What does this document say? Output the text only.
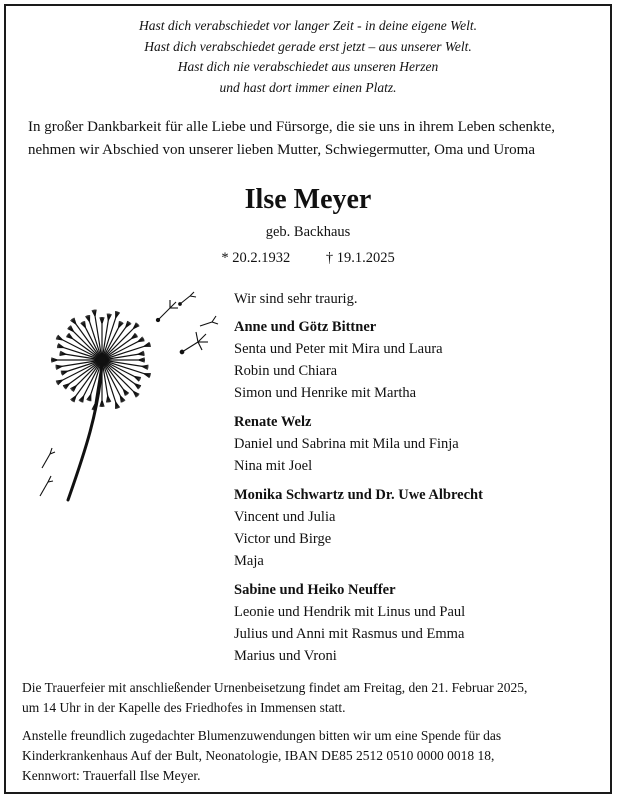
Hast dich verabschiedet vor langer Zeit - in deine eigene Welt.
Hast dich verabschiedet gerade erst jetzt – aus unserer Welt.
Hast dich nie verabschiedet aus unseren Herzen
und hast dort immer einen Platz.
In großer Dankbarkeit für alle Liebe und Fürsorge, die sie uns in ihrem Leben schenkte,
nehmen wir Abschied von unserer lieben Mutter, Schwiegermutter, Oma und Uroma
Ilse Meyer
geb. Backhaus
* 20.2.1932 † 19.1.2025
Wir sind sehr traurig.
Anne und Götz Bittner
Senta und Peter mit Mira und Laura
Robin und Chiara
Simon und Henrike mit Martha
Renate Welz
Daniel und Sabrina mit Mila und Finja
Nina mit Joel
Monika Schwartz und Dr. Uwe Albrecht
Vincent und Julia
Victor und Birge
Maja
Sabine und Heiko Neuffer
Leonie und Hendrik mit Linus und Paul
Julius und Anni mit Rasmus und Emma
Marius und Vroni

Die Trauerfeier mit anschließender Urnenbeisetzung findet am Freitag, den 21. Februar 2025,
um 14 Uhr in der Kapelle des Friedhofes in Immensen statt.

Anstelle freundlich zugedachter Blumenzuwendungen bitten wir um eine Spende für das
Kinderkrankenhaus Auf der Bult, Neonatologie, IBAN DE85 2512 0510 0000 0018 18,
Kennwort: Trauerfall Ilse Meyer.
